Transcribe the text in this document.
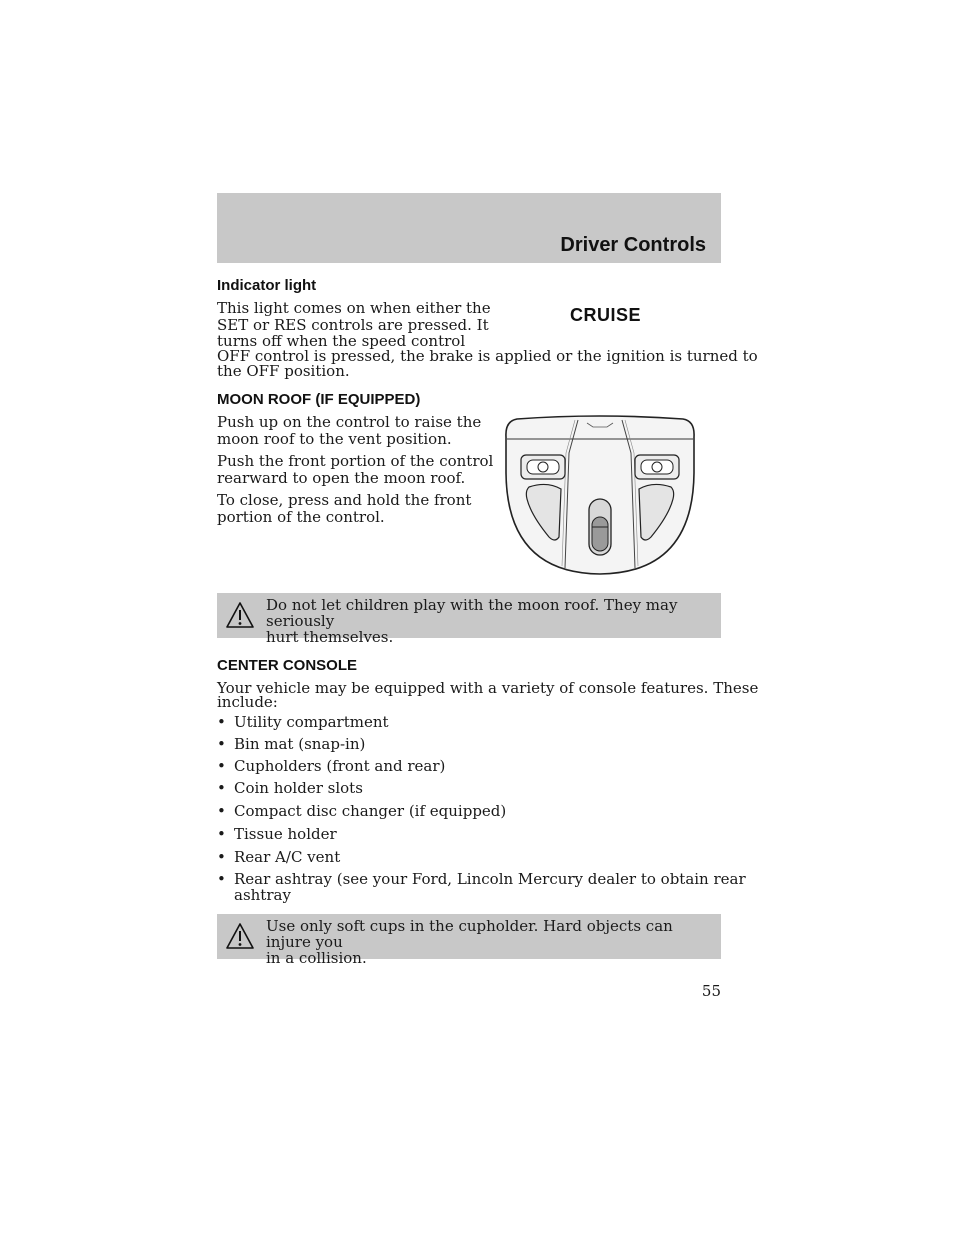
Driver Controls
Indicator light
This light comes on when either the
SET or RES controls are pressed. It
turns off when the speed control
OFF control is pressed, the brake is applied or the ignition is turned to
the OFF position.
CRUISE
MOON ROOF (IF EQUIPPED)
Push up on the control to raise the
moon roof to the vent position.
Push the front portion of the control
rearward to open the moon roof.
To close, press and hold the front
portion of the control.
Do not let children play with the moon roof. They may seriously
hurt themselves.
CENTER CONSOLE
Your vehicle may be equipped with a variety of console features. These
include:
• Utility compartment
• Bin mat (snap-in)
• Cupholders (front and rear)
• Coin holder slots
• Compact disc changer (if equipped)
• Tissue holder
• Rear A/C vent
• Rear ashtray (see your Ford, Lincoln Mercury dealer to obtain rear
ashtray
Use only soft cups in the cupholder. Hard objects can injure you
in a collision.
55
